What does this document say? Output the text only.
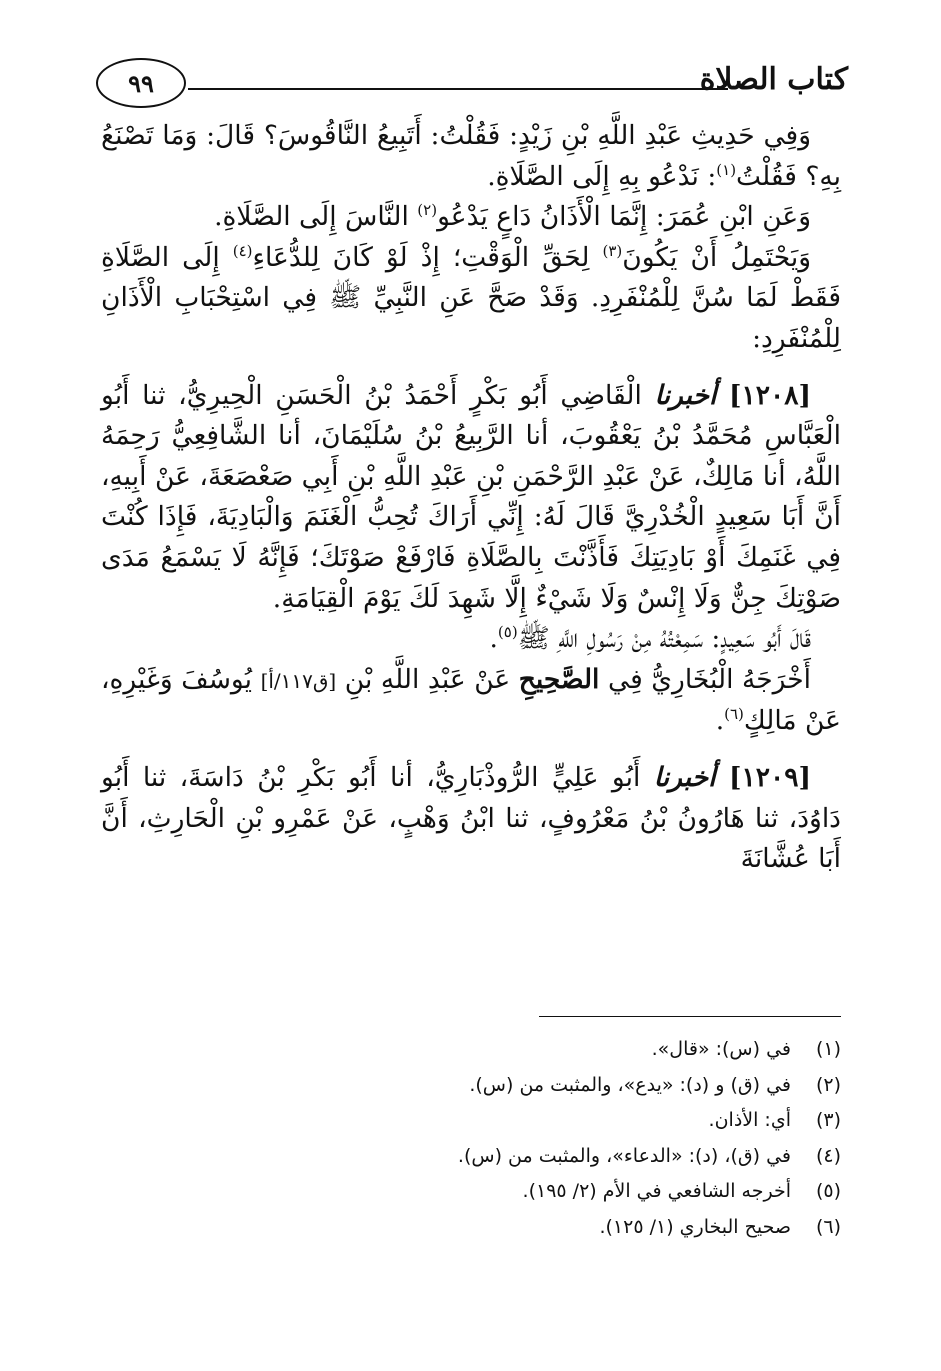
كتاب الصلاة
٩٩

وَفِي حَدِيثِ عَبْدِ اللَّهِ بْنِ زَيْدٍ: فَقُلْتُ: أَتَبِيعُ النَّاقُوسَ؟ قَالَ: وَمَا تَصْنَعُ بِهِ؟ فَقُلْتُ$^{(١)}$: نَدْعُو بِهِ إِلَى الصَّلَاةِ.

وَعَنِ ابْنِ عُمَرَ: إِنَّمَا الْأَذَانُ دَاعٍ يَدْعُو$^{(٢)}$ النَّاسَ إِلَى الصَّلَاةِ.

وَيَحْتَمِلُ أَنْ يَكُونَ$^{(٣)}$ لِحَقِّ الْوَقْتِ؛ إِذْ لَوْ كَانَ لِلدُّعَاءِ$^{(٤)}$ إِلَى الصَّلَاةِ فَقَطْ لَمَا سُنَّ لِلْمُنْفَرِدِ. وَقَدْ صَحَّ عَنِ النَّبِيِّ ﷺ فِي اسْتِحْبَابِ الْأَذَانِ لِلْمُنْفَرِدِ:

[١٢٠٨] أخبرنا الْقَاضِي أَبُو بَكْرٍ أَحْمَدُ بْنُ الْحَسَنِ الْحِيرِيُّ، ثنا أَبُو الْعَبَّاسِ مُحَمَّدُ بْنُ يَعْقُوبَ، أنا الرَّبِيعُ بْنُ سُلَيْمَانَ، أنا الشَّافِعِيُّ رَحِمَهُ اللَّهُ، أنا مَالِكٌ، عَنْ عَبْدِ الرَّحْمَنِ بْنِ عَبْدِ اللَّهِ بْنِ أَبِي صَعْصَعَةَ، عَنْ أَبِيهِ، أَنَّ أَبَا سَعِيدٍ الْخُدْرِيَّ قَالَ لَهُ: إِنِّي أَرَاكَ تُحِبُّ الْغَنَمَ وَالْبَادِيَةَ، فَإِذَا كُنْتَ فِي غَنَمِكَ أَوْ بَادِيَتِكَ فَأَذَّنْتَ بِالصَّلَاةِ فَارْفَعْ صَوْتَكَ؛ فَإِنَّهُ لَا يَسْمَعُ مَدَى صَوْتِكَ جِنٌّ وَلَا إِنْسٌ وَلَا شَيْءٌ إِلَّا شَهِدَ لَكَ يَوْمَ الْقِيَامَةِ.

قَالَ أَبُو سَعِيدٍ: سَمِعْتُهُ مِنْ رَسُولِ اللَّهِ ﷺ$^{(٥)}$.

أَخْرَجَهُ الْبُخَارِيُّ فِي الصَّحِيحِ عَنْ عَبْدِ اللَّهِ بْنِ [ق١١٧/أ] يُوسُفَ وَغَيْرِهِ، عَنْ مَالِكٍ$^{(٦)}$.

[١٢٠٩] أخبرنا أَبُو عَلِيٍّ الرُّوذْبَارِيُّ، أنا أَبُو بَكْرِ بْنُ دَاسَةَ، ثنا أَبُو دَاوُدَ، ثنا هَارُونُ بْنُ مَعْرُوفٍ، ثنا ابْنُ وَهْبٍ، عَنْ عَمْرِو بْنِ الْحَارِثِ، أَنَّ أَبَا عُشَّانَةَ

(١)
في (س): «قال».
(٢)
في (ق) و (د): «يدع»، والمثبت من (س).
(٣)
أي: الأذان.
(٤)
في (ق)، (د): «الدعاء»، والمثبت من (س).
(٥)
أخرجه الشافعي في الأم (٢/ ١٩٥).
(٦)
صحيح البخاري (١/ ١٢٥).
